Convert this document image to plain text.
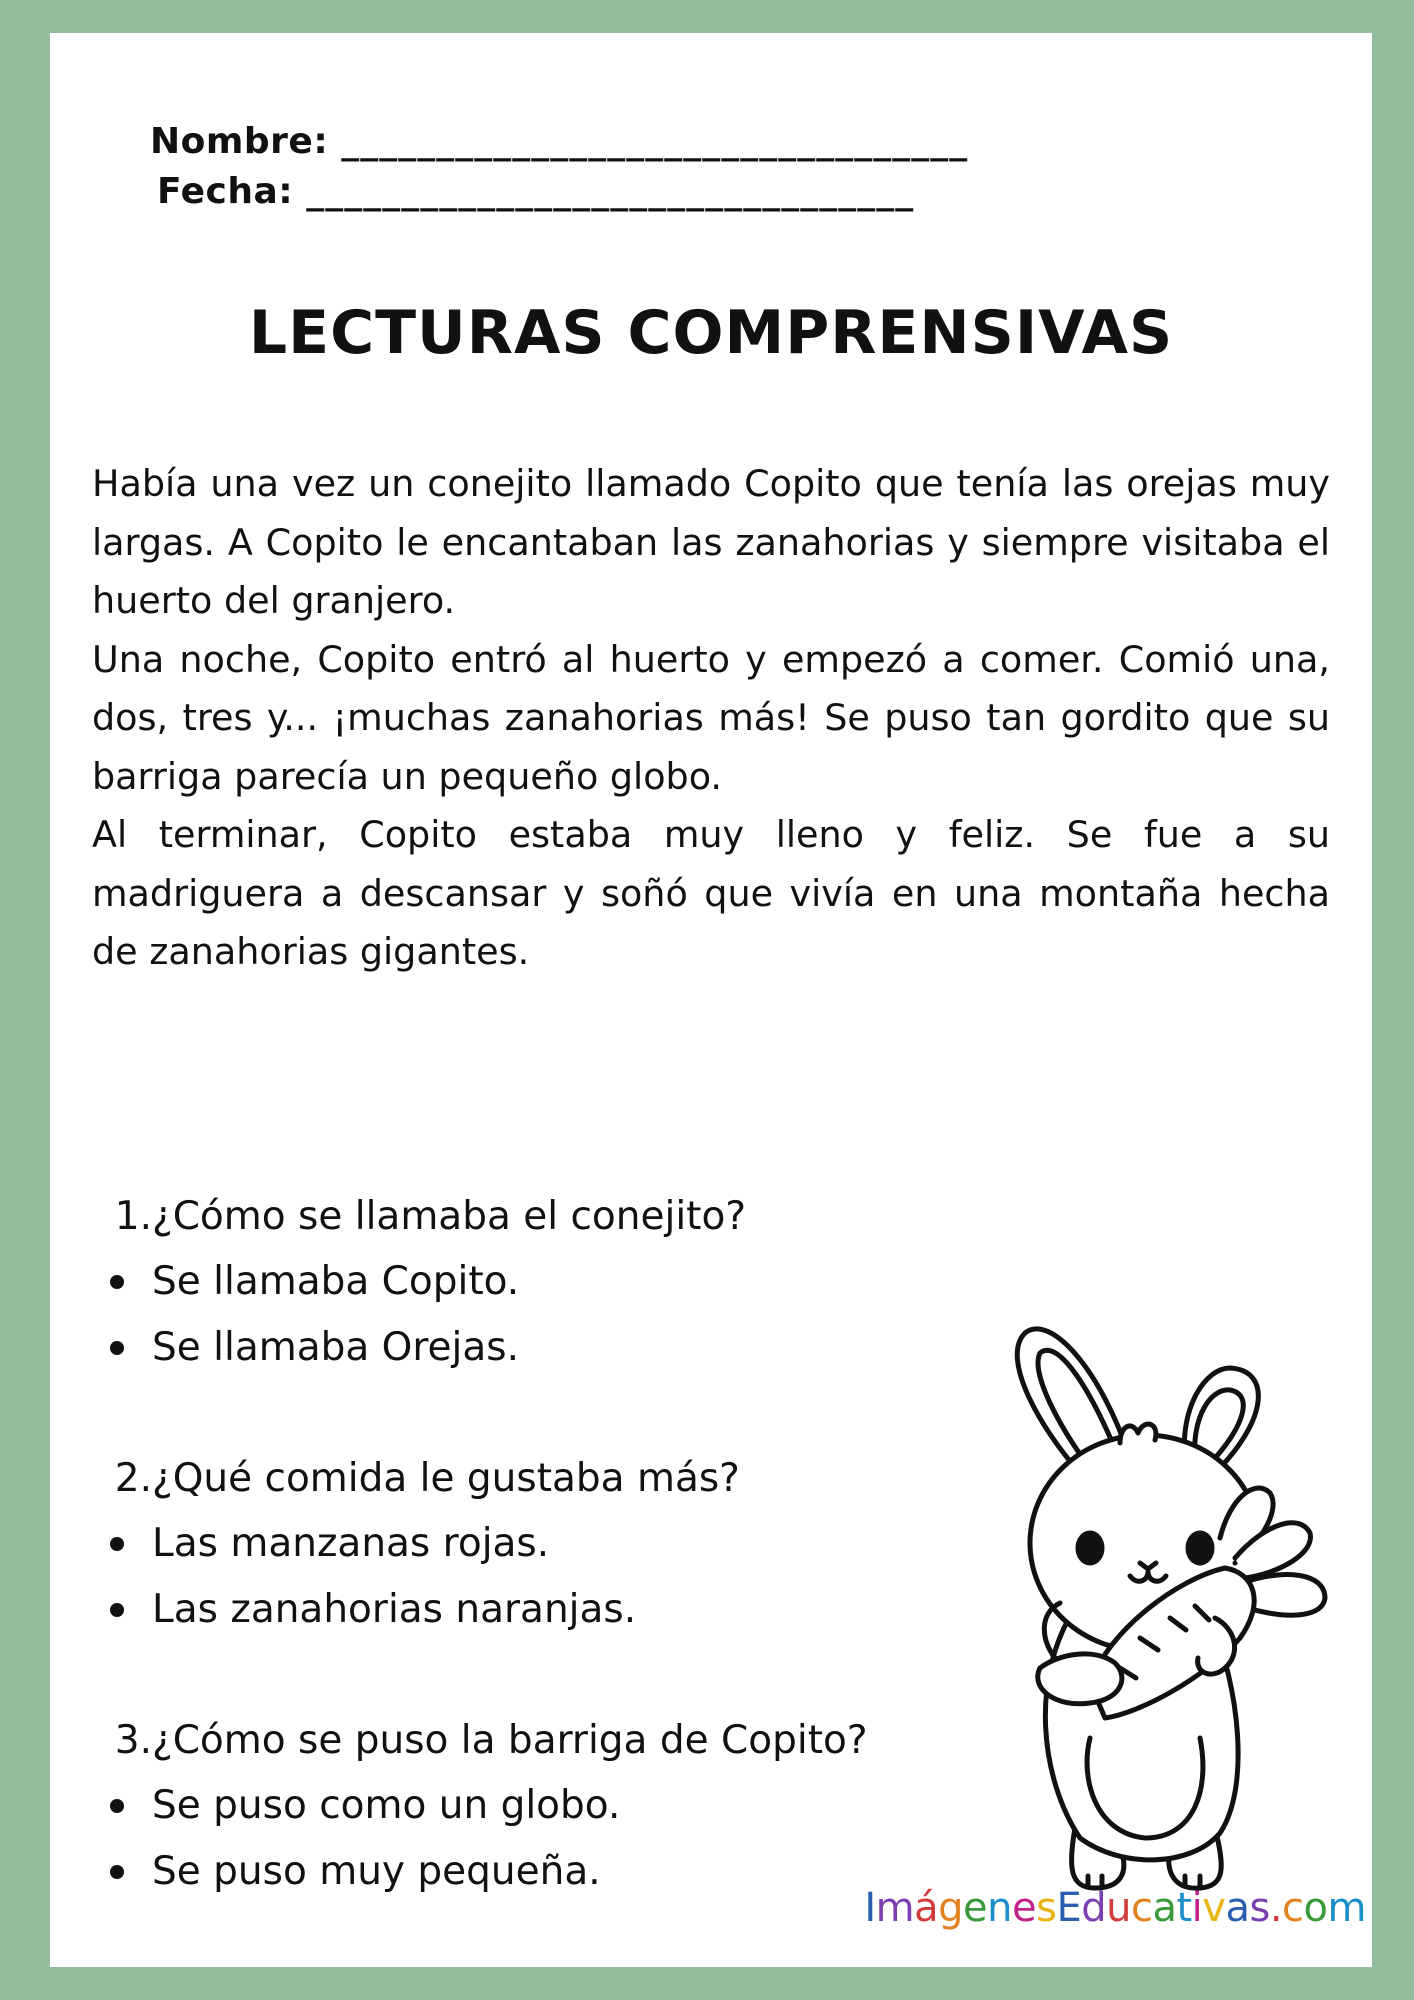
Nombre: _________________________________
Fecha: ________________________________
LECTURAS COMPRENSIVAS

Había una vez un conejito llamado Copito que tenía las orejas muy largas. A Copito le encantaban las zanahorias y siempre visitaba el huerto del granjero.

Una noche, Copito entró al huerto y empezó a comer. Comió una, dos, tres y... ¡muchas zanahorias más! Se puso tan gordito que su barriga parecía un pequeño globo.

Al terminar, Copito estaba muy lleno y feliz. Se fue a su madriguera a descansar y soñó que vivía en una montaña hecha de zanahorias gigantes.

1.¿Cómo se llamaba el conejito?
Se llamaba Copito.
Se llamaba Orejas.
2.¿Qué comida le gustaba más?
Las manzanas rojas.
Las zanahorias naranjas.
3.¿Cómo se puso la barriga de Copito?
Se puso como un globo.
Se puso muy pequeña.
ImágenesEducativas.com
